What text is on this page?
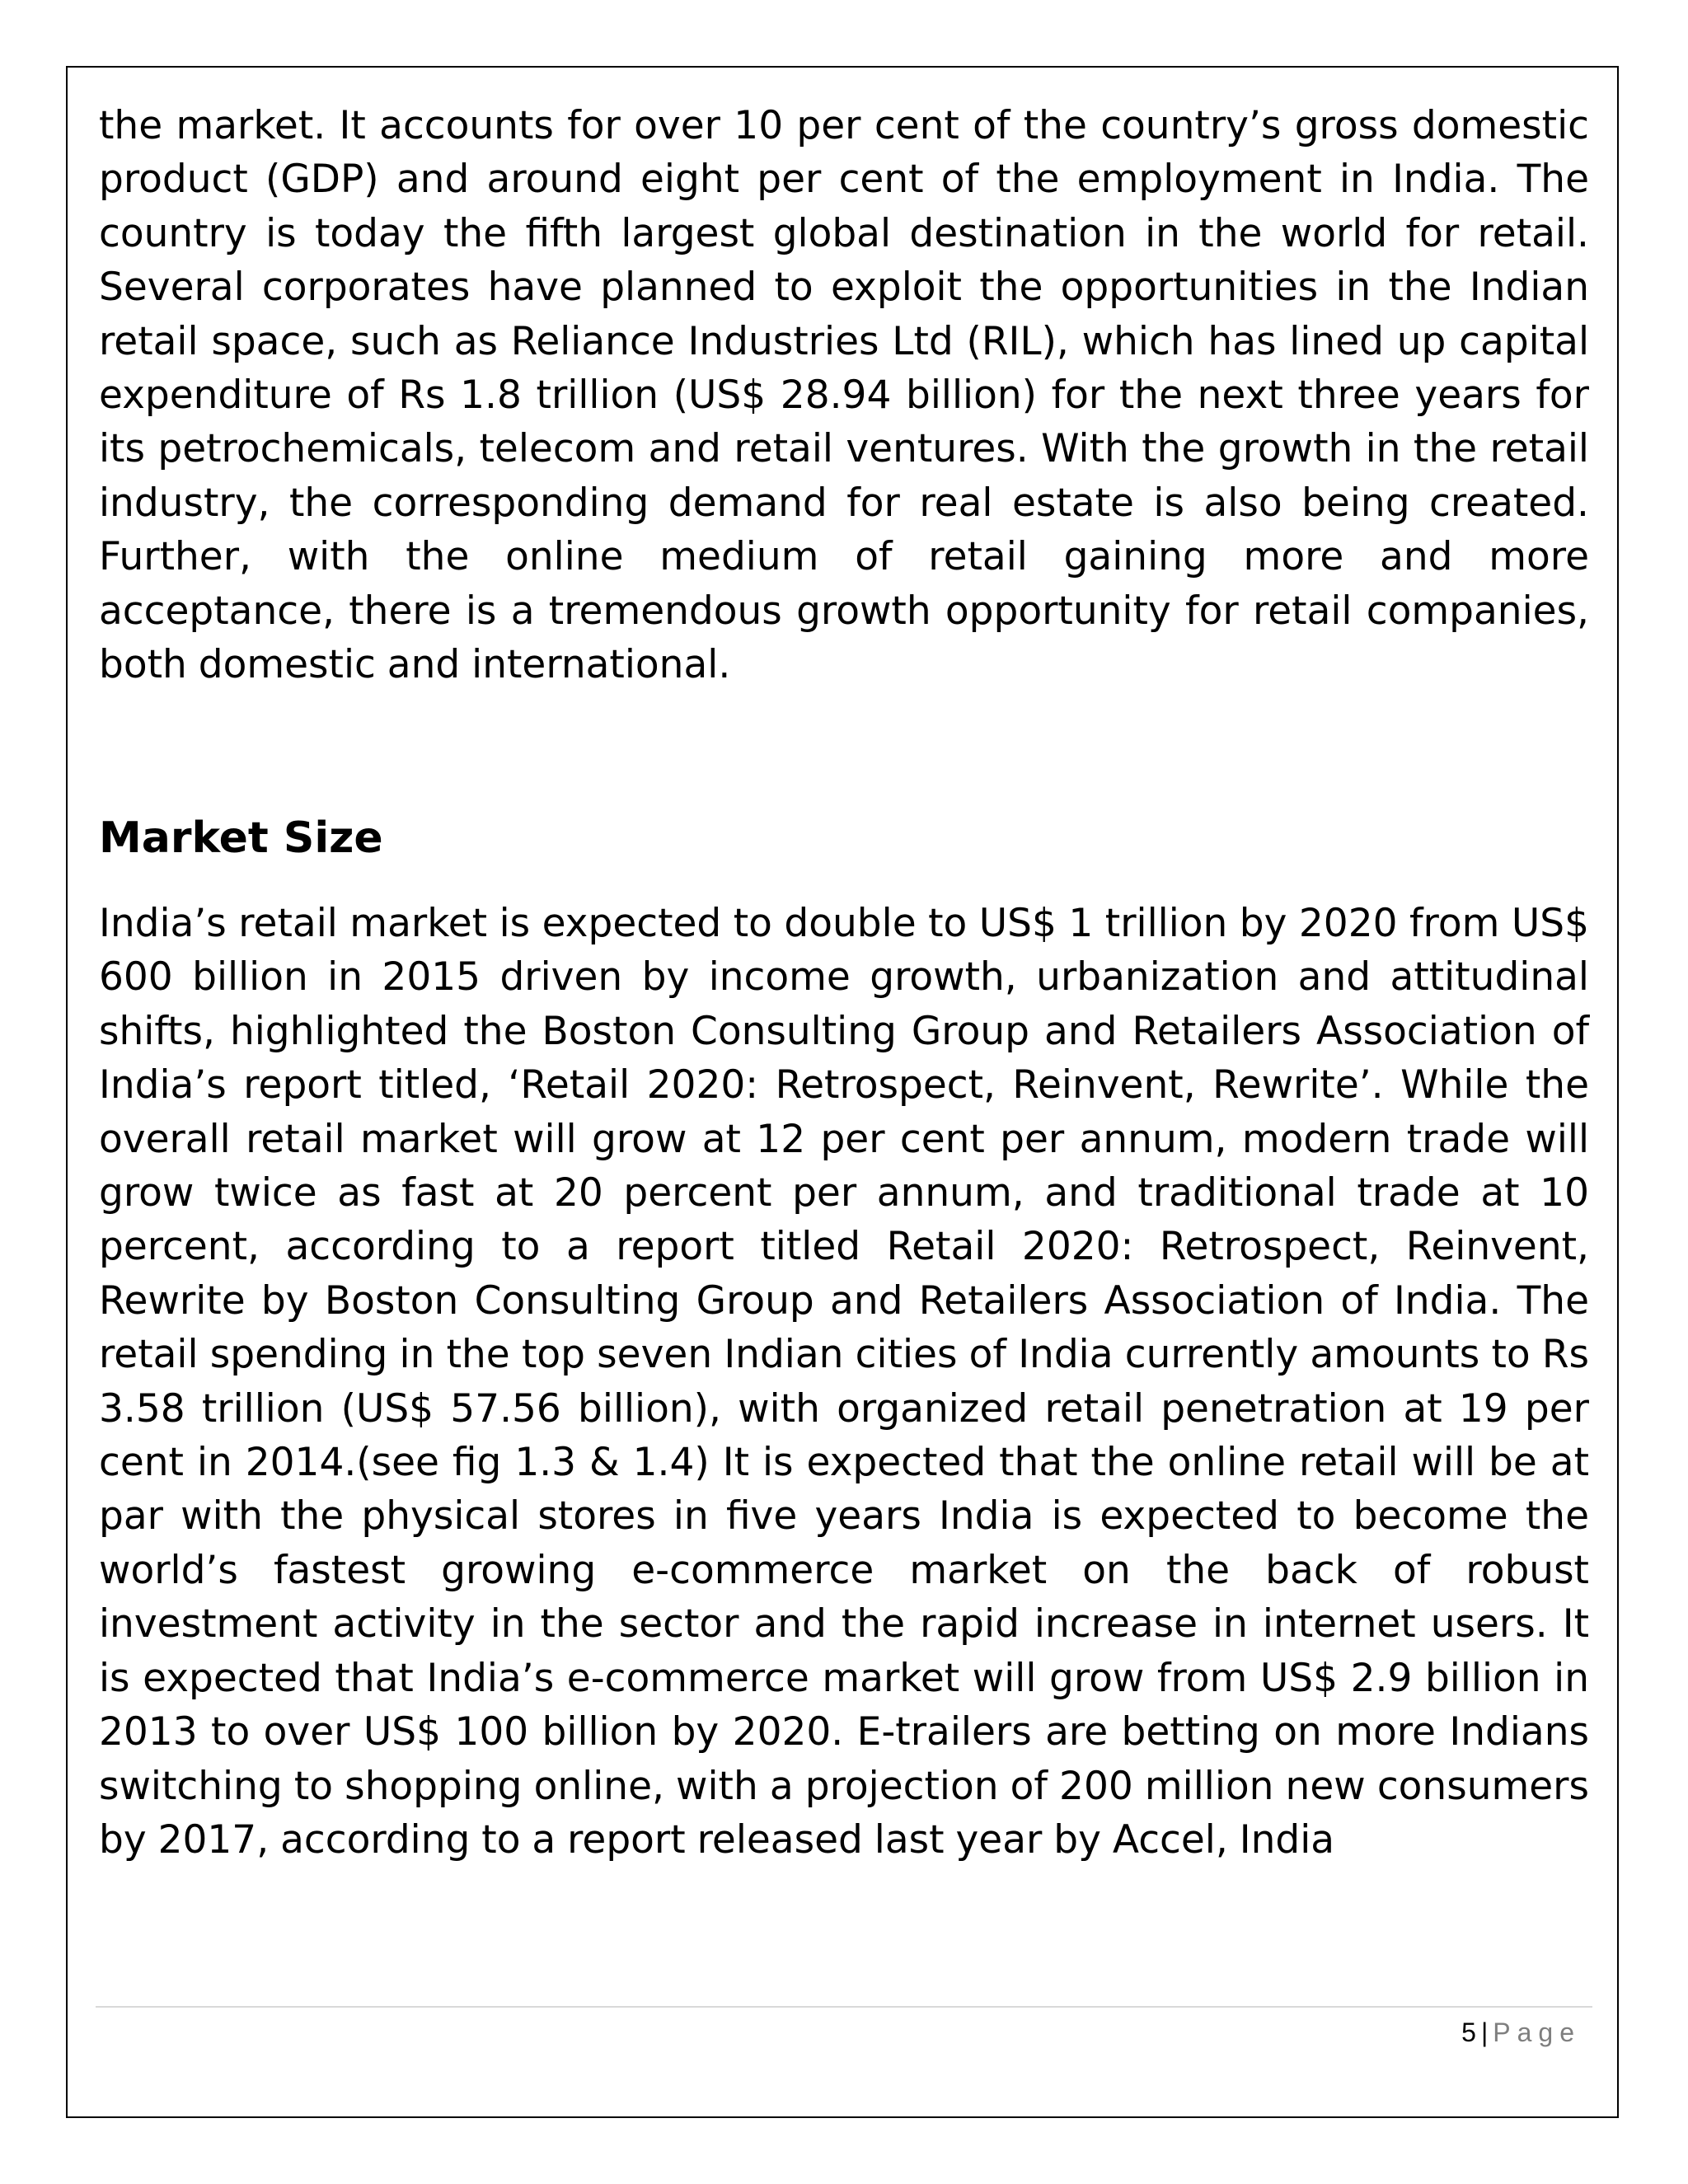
the market. It accounts for over 10 per cent of the country’s gross domestic product (GDP) and around eight per cent of the employment in India. The country is today the fifth largest global destination in the world for retail. Several corporates have planned to exploit the opportunities in the Indian retail space, such as Reliance Industries Ltd (RIL), which has lined up capital expenditure of Rs 1.8 trillion (US$ 28.94 billion) for the next three years for its petrochemicals, telecom and retail ventures. With the growth in the retail industry, the corresponding demand for real estate is also being created. Further, with the online medium of retail gaining more and more acceptance, there is a tremendous growth opportunity for retail companies, both domestic and international.

Market Size

India’s retail market is expected to double to US$ 1 trillion by 2020 from US$ 600 billion in 2015 driven by income growth, urbanization and attitudinal shifts, highlighted the Boston Consulting Group and Retailers Association of India’s report titled, ‘Retail 2020: Retrospect, Reinvent, Rewrite’. While the overall retail market will grow at 12 per cent per annum, modern trade will grow twice as fast at 20 percent per annum, and traditional trade at 10 percent, according to a report titled Retail 2020: Retrospect, Reinvent, Rewrite by Boston Consulting Group and Retailers Association of India. The retail spending in the top seven Indian cities of India currently amounts to Rs 3.58 trillion (US$ 57.56 billion), with organized retail penetration at 19 per cent in 2014.(see fig 1.3 & 1.4) It is expected that the online retail will be at par with the physical stores in five years India is expected to become the world’s fastest growing e-commerce market on the back of robust investment activity in the sector and the rapid increase in internet users. It is expected that India’s e-commerce market will grow from US$ 2.9 billion in 2013 to over US$ 100 billion by 2020. E-trailers are betting on more Indians switching to shopping online, with a projection of 200 million new consumers by 2017, according to a report released last year by Accel, India

5 | Page
